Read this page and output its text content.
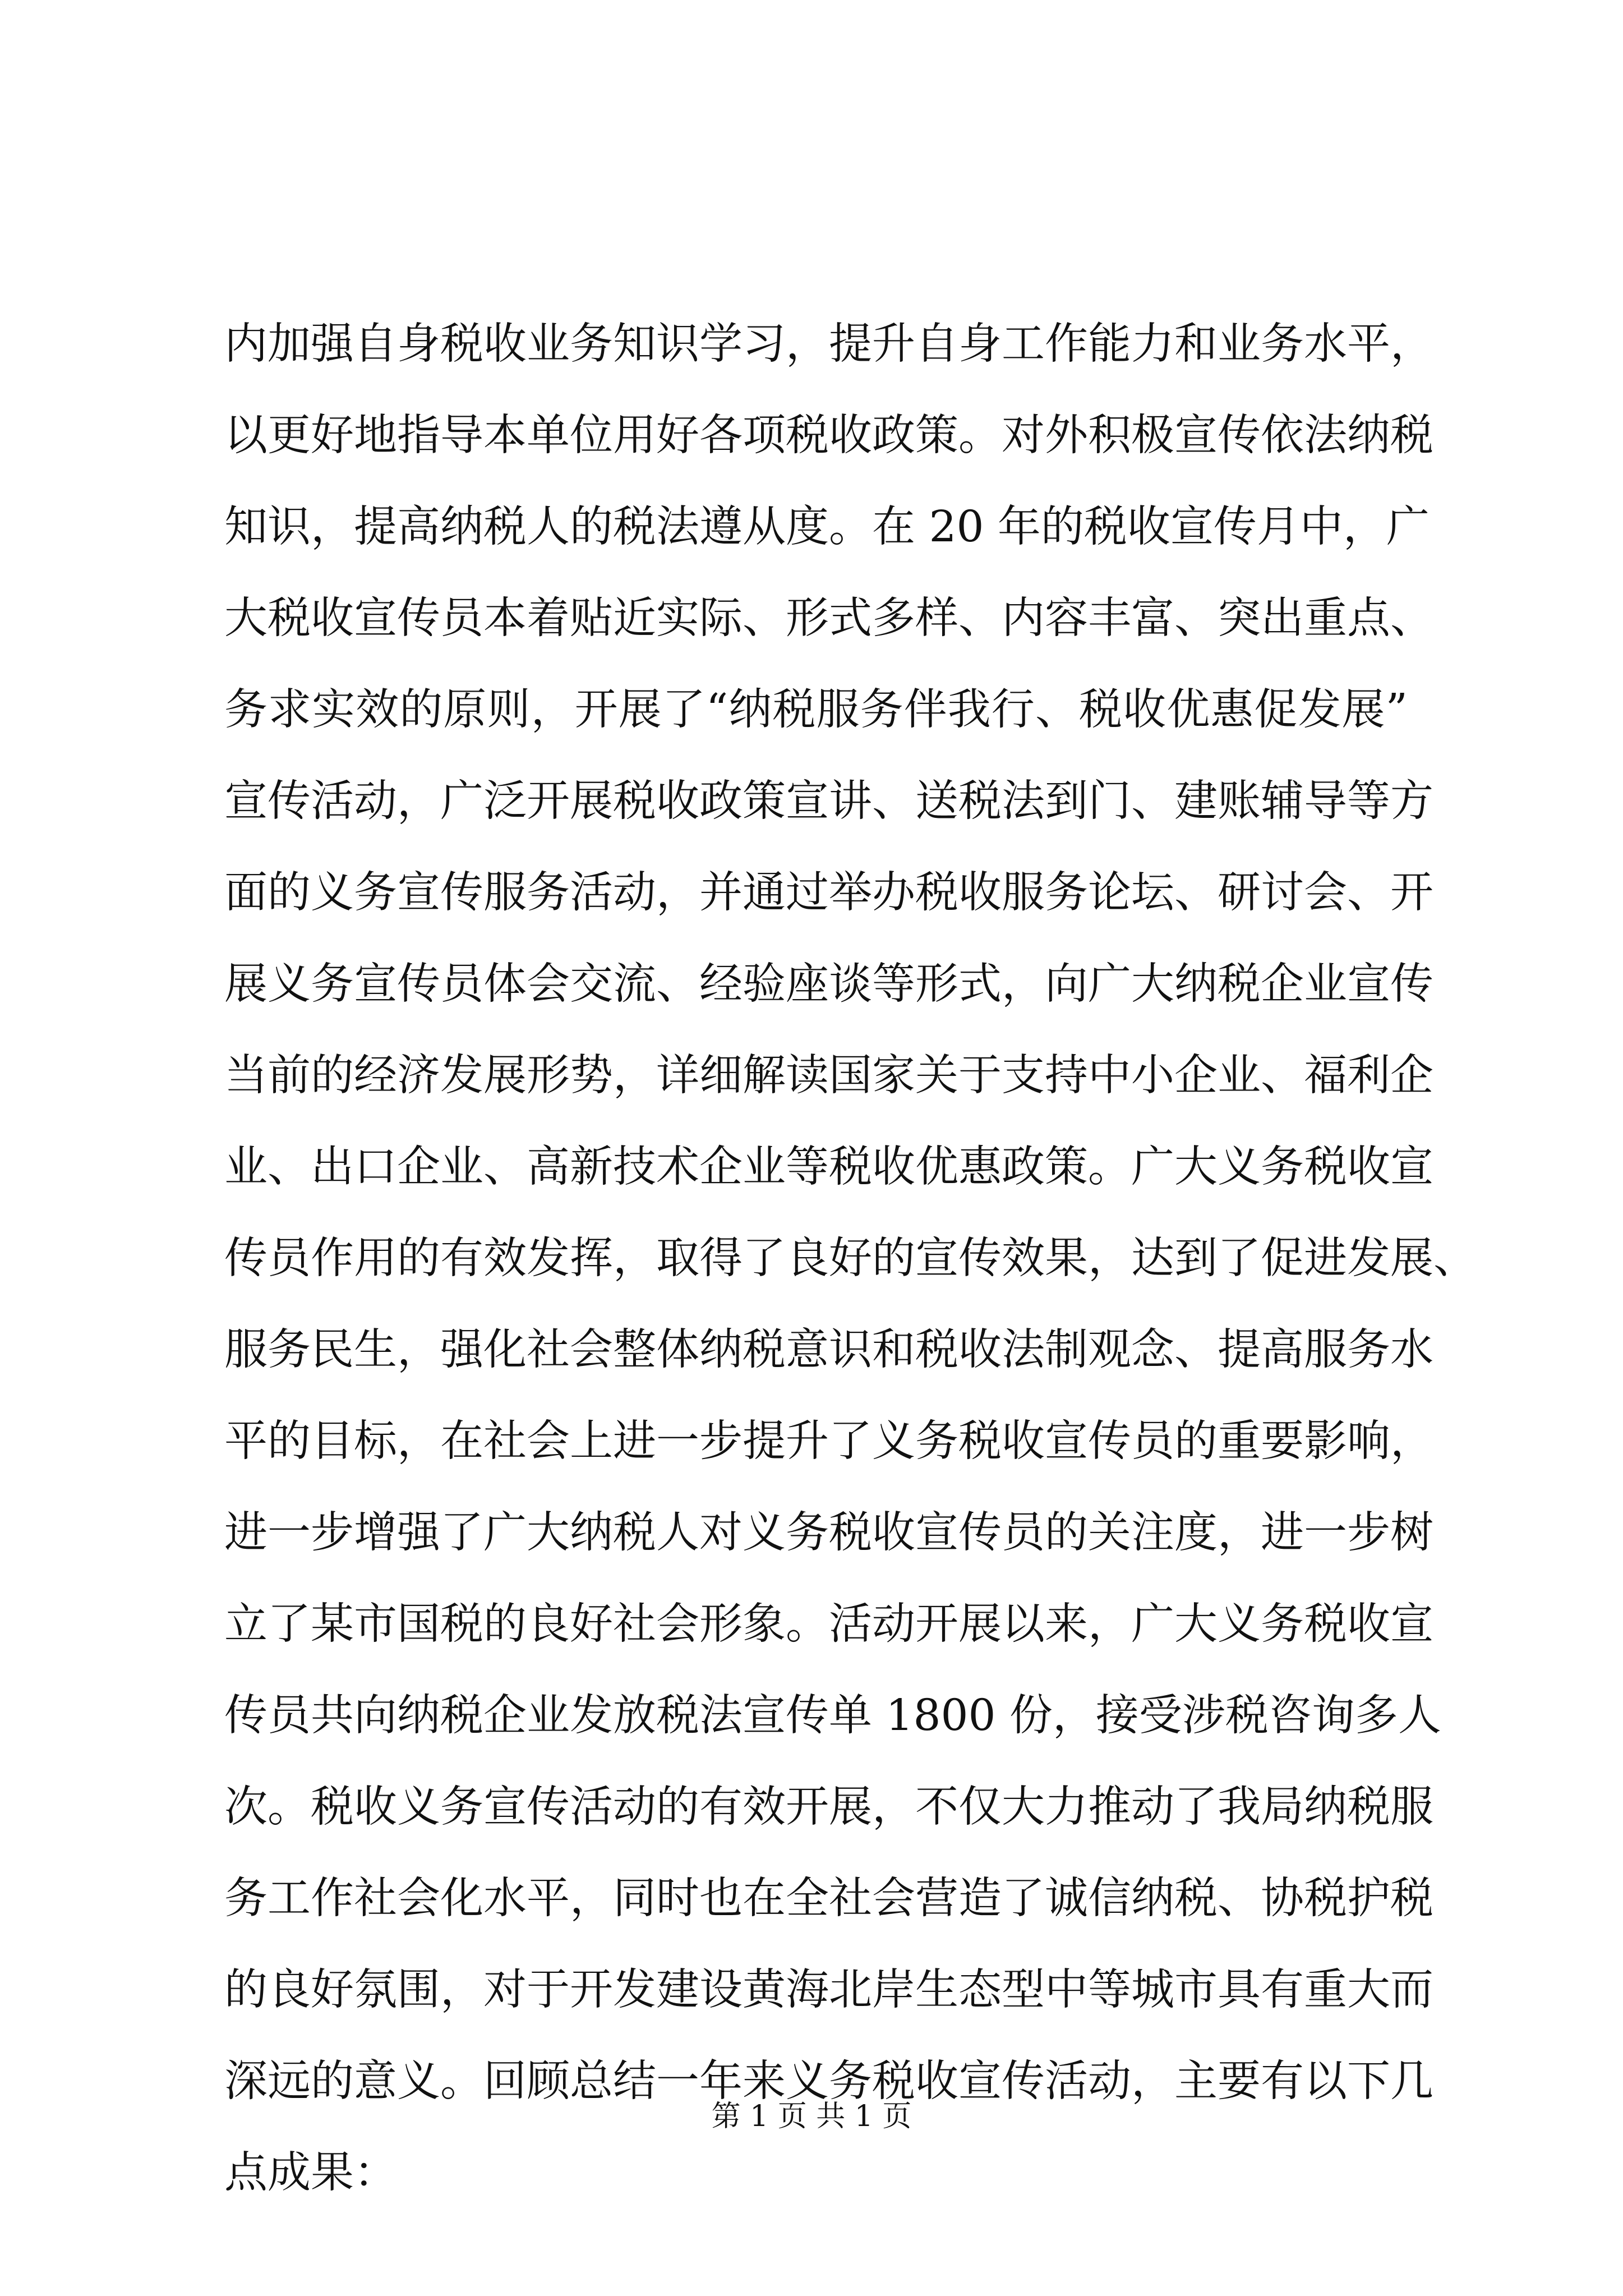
内加强自身税收业务知识学习，提升自身工作能力和业务水平，
以更好地指导本单位用好各项税收政策。对外积极宣传依法纳税
知识，提高纳税人的税法遵从度。在 20 年的税收宣传月中，广
大税收宣传员本着贴近实际、形式多样、内容丰富、突出重点、
务求实效的原则，开展了“纳税服务伴我行、税收优惠促发展”
宣传活动，广泛开展税收政策宣讲、送税法到门、建账辅导等方
面的义务宣传服务活动，并通过举办税收服务论坛、研讨会、开
展义务宣传员体会交流、经验座谈等形式，向广大纳税企业宣传
当前的经济发展形势，详细解读国家关于支持中小企业、福利企
业、出口企业、高新技术企业等税收优惠政策。广大义务税收宣
传员作用的有效发挥，取得了良好的宣传效果，达到了促进发展、
服务民生，强化社会整体纳税意识和税收法制观念、提高服务水
平的目标，在社会上进一步提升了义务税收宣传员的重要影响，
进一步增强了广大纳税人对义务税收宣传员的关注度，进一步树
立了某市国税的良好社会形象。活动开展以来，广大义务税收宣
传员共向纳税企业发放税法宣传单 1800 份，接受涉税咨询多人
次。税收义务宣传活动的有效开展，不仅大力推动了我局纳税服
务工作社会化水平，同时也在全社会营造了诚信纳税、协税护税
的良好氛围，对于开发建设黄海北岸生态型中等城市具有重大而
深远的意义。回顾总结一年来义务税收宣传活动，主要有以下几
点成果：
第 1 页 共 1 页
